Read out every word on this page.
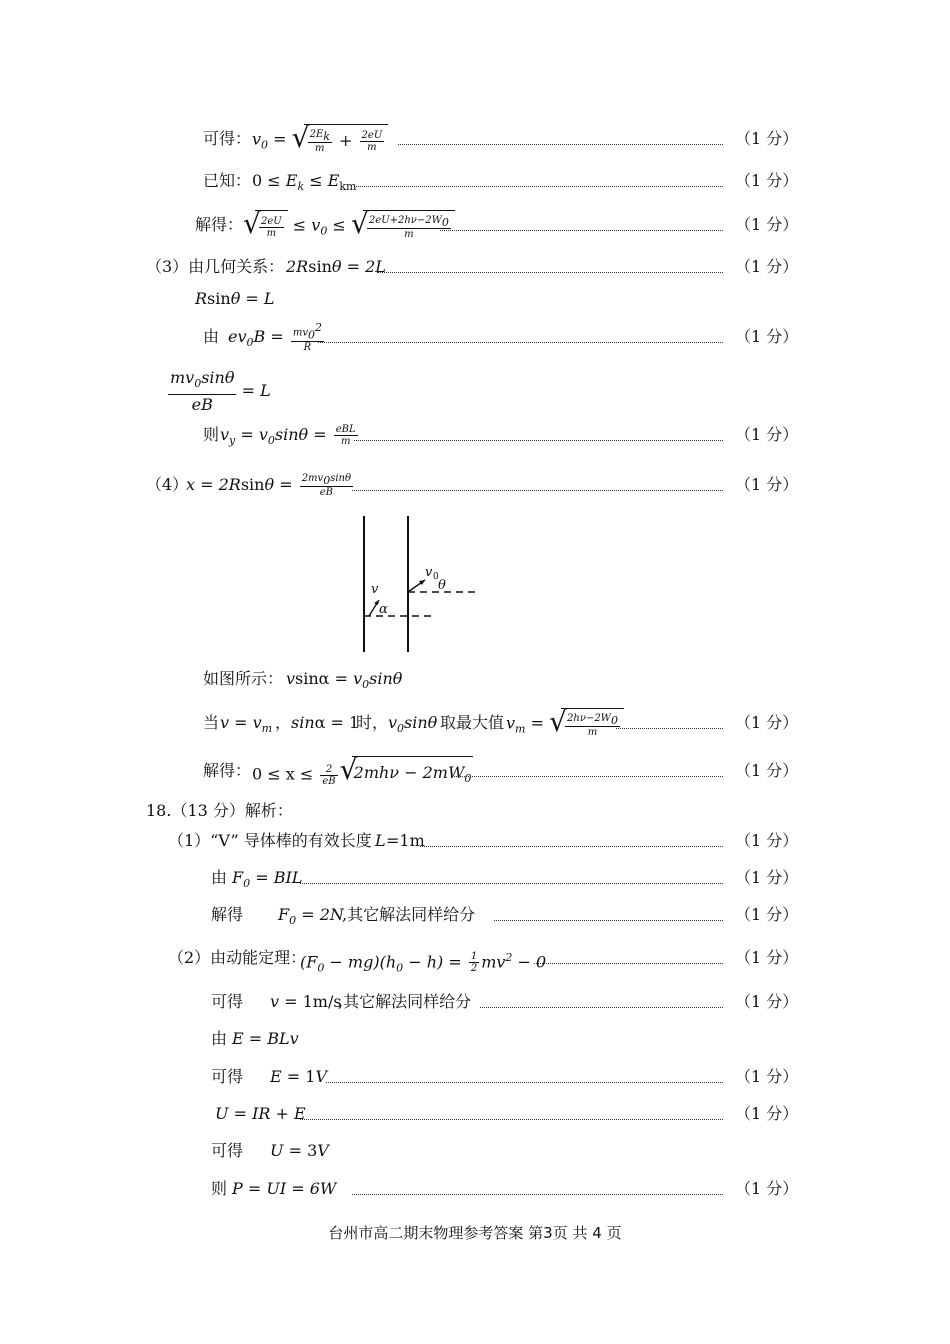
可得： $v_0$ = √
$\frac{2E_k}{m} + \frac{2eU}{m}$	（1 分）
已知： $0 \le E_k \le E_{km}$	（1 分）
解得： √
$\frac{2eU}{m} \le v_0$ ≤ √
$\frac{2eU+2h\nu-2W_0}{m}$	（1 分）
（3）由几何关系： 2Rsinθ = 2L	（1 分）
Rsinθ = L
由 $ev_0B = \frac{mv_0^2}{R}$	（1 分）
$\frac{mv_0\sin\theta}{eB} = L$
则 $v_y = v_0\sin\theta = \frac{\text{eBL}}{m}$	（1 分）
（4）
$x = 2Rsin\theta = \frac{2mv_0\sin\theta}{eB}$	（1 分）
v
α
v 0
θ
如图所示： $vsin\alpha = v_0\sin\theta$
当 $v = v_m$ ， sinα = 1
时， $v_0\sin\theta$ 取最大值 $v_m$ = √
$\frac{2h\nu-2W_0}{m}$	（1 分）
解得： $0 \le x \le \frac{2}{eB}$ √
$2mh\nu - 2mW_0$	（1 分）
18.（13 分）解析：
（1）“V” 导体棒的有效长度 L =1m	（1 分）
由 $F_0$ = BIL	（1 分）
解得 $F_0 = 2N$
,其它解法同样给分	（1 分）
（2）由动能定理：
$(F_0 - mg)(h_0 - h) = \frac{1}{2} mv^2 - 0$	（1 分）
可得 v = 1m/s
,其它解法同样给分	（1 分）
由 E = BLv
可得 E = 1V	（1 分）
U = IR + E	（1 分）
可得 U = 3V
则 P = UI = 6W	（1 分）
台州市高二期末物理参考答案 第3页 共 4 页
